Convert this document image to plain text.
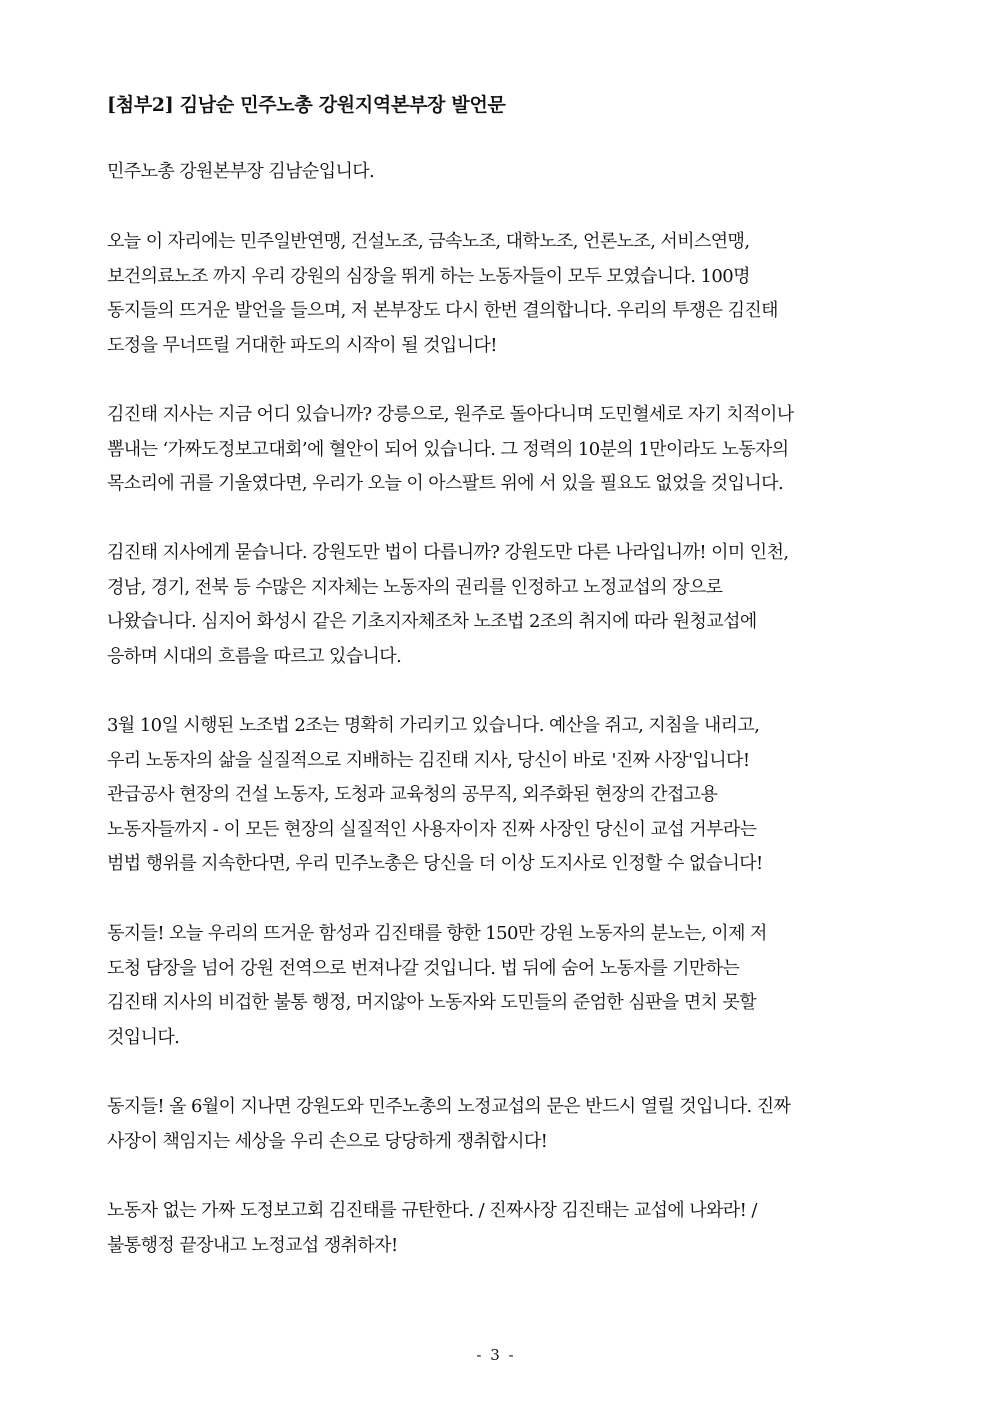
[첨부2] 김남순 민주노총 강원지역본부장 발언문
민주노총 강원본부장 김남순입니다.
오늘 이 자리에는 민주일반연맹, 건설노조, 금속노조, 대학노조, 언론노조, 서비스연맹,
보건의료노조 까지 우리 강원의 심장을 뛰게 하는 노동자들이 모두 모였습니다. 100명
동지들의 뜨거운 발언을 들으며, 저 본부장도 다시 한번 결의합니다. 우리의 투쟁은 김진태
도정을 무너뜨릴 거대한 파도의 시작이 될 것입니다!
김진태 지사는 지금 어디 있습니까? 강릉으로, 원주로 돌아다니며 도민혈세로 자기 치적이나
뽐내는 ‘가짜도정보고대회’에 혈안이 되어 있습니다. 그 정력의 10분의 1만이라도 노동자의
목소리에 귀를 기울였다면, 우리가 오늘 이 아스팔트 위에 서 있을 필요도 없었을 것입니다.
김진태 지사에게 묻습니다. 강원도만 법이 다릅니까? 강원도만 다른 나라입니까! 이미 인천,
경남, 경기, 전북 등 수많은 지자체는 노동자의 권리를 인정하고 노정교섭의 장으로
나왔습니다. 심지어 화성시 같은 기초지자체조차 노조법 2조의 취지에 따라 원청교섭에
응하며 시대의 흐름을 따르고 있습니다.
3월 10일 시행된 노조법 2조는 명확히 가리키고 있습니다. 예산을 쥐고, 지침을 내리고,
우리 노동자의 삶을 실질적으로 지배하는 김진태 지사, 당신이 바로 '진짜 사장'입니다!
관급공사 현장의 건설 노동자, 도청과 교육청의 공무직, 외주화된 현장의 간접고용
노동자들까지 - 이 모든 현장의 실질적인 사용자이자 진짜 사장인 당신이 교섭 거부라는
범법 행위를 지속한다면, 우리 민주노총은 당신을 더 이상 도지사로 인정할 수 없습니다!
동지들! 오늘 우리의 뜨거운 함성과 김진태를 향한 150만 강원 노동자의 분노는, 이제 저
도청 담장을 넘어 강원 전역으로 번져나갈 것입니다. 법 뒤에 숨어 노동자를 기만하는
김진태 지사의 비겁한 불통 행정, 머지않아 노동자와 도민들의 준엄한 심판을 면치 못할
것입니다.
동지들! 올 6월이 지나면 강원도와 민주노총의 노정교섭의 문은 반드시 열릴 것입니다. 진짜
사장이 책임지는 세상을 우리 손으로 당당하게 쟁취합시다!
노동자 없는 가짜 도정보고회 김진태를 규탄한다. / 진짜사장 김진태는 교섭에 나와라! /
불통행정 끝장내고 노정교섭 쟁취하자!
- 3 -
